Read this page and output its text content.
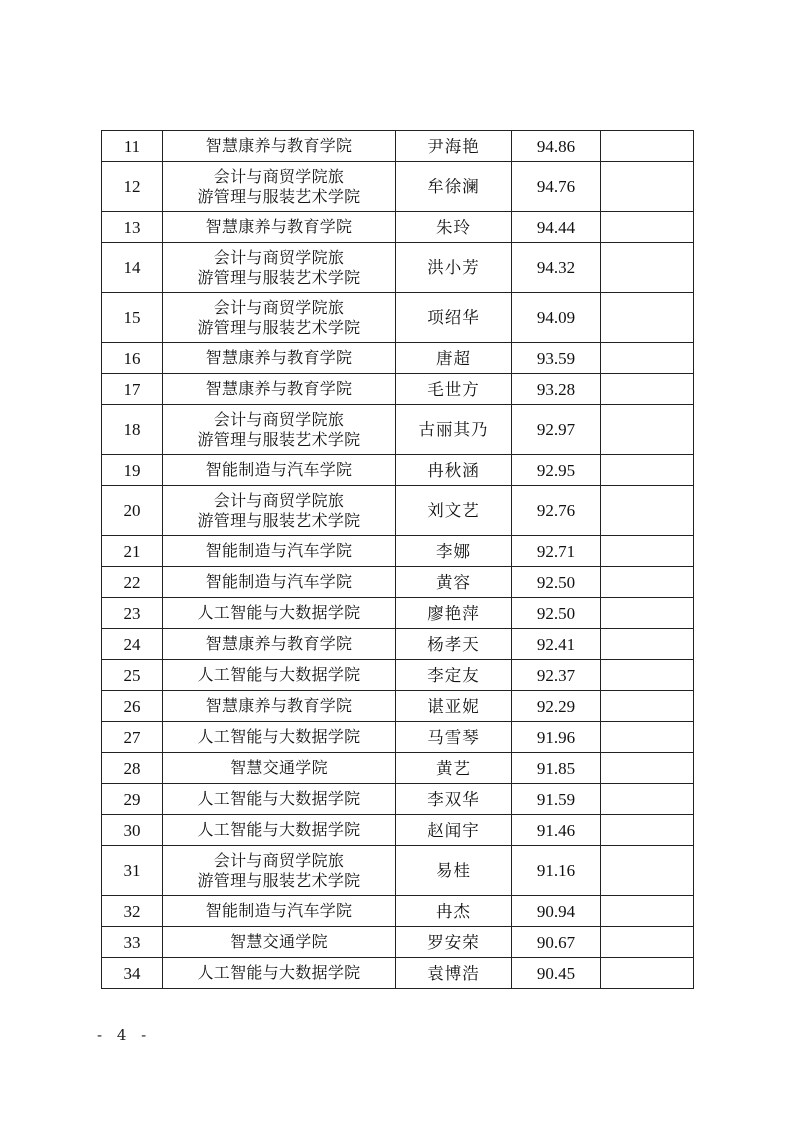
11	智慧康养与教育学院	尹海艳	94.86	
12	会计与商贸学院旅
游管理与服装艺术学院	牟徐澜	94.76	
13	智慧康养与教育学院	朱玲	94.44	
14	会计与商贸学院旅
游管理与服装艺术学院	洪小芳	94.32	
15	会计与商贸学院旅
游管理与服装艺术学院	项绍华	94.09	
16	智慧康养与教育学院	唐超	93.59	
17	智慧康养与教育学院	毛世方	93.28	
18	会计与商贸学院旅
游管理与服装艺术学院	古丽其乃	92.97	
19	智能制造与汽车学院	冉秋涵	92.95	
20	会计与商贸学院旅
游管理与服装艺术学院	刘文艺	92.76	
21	智能制造与汽车学院	李娜	92.71	
22	智能制造与汽车学院	黄容	92.50	
23	人工智能与大数据学院	廖艳萍	92.50	
24	智慧康养与教育学院	杨孝天	92.41	
25	人工智能与大数据学院	李定友	92.37	
26	智慧康养与教育学院	谌亚妮	92.29	
27	人工智能与大数据学院	马雪琴	91.96	
28	智慧交通学院	黄艺	91.85	
29	人工智能与大数据学院	李双华	91.59	
30	人工智能与大数据学院	赵闻宇	91.46	
31	会计与商贸学院旅
游管理与服装艺术学院	易桂	91.16	
32	智能制造与汽车学院	冉杰	90.94	
33	智慧交通学院	罗安荣	90.67	
34	人工智能与大数据学院	袁博浩	90.45	
- 4 -
